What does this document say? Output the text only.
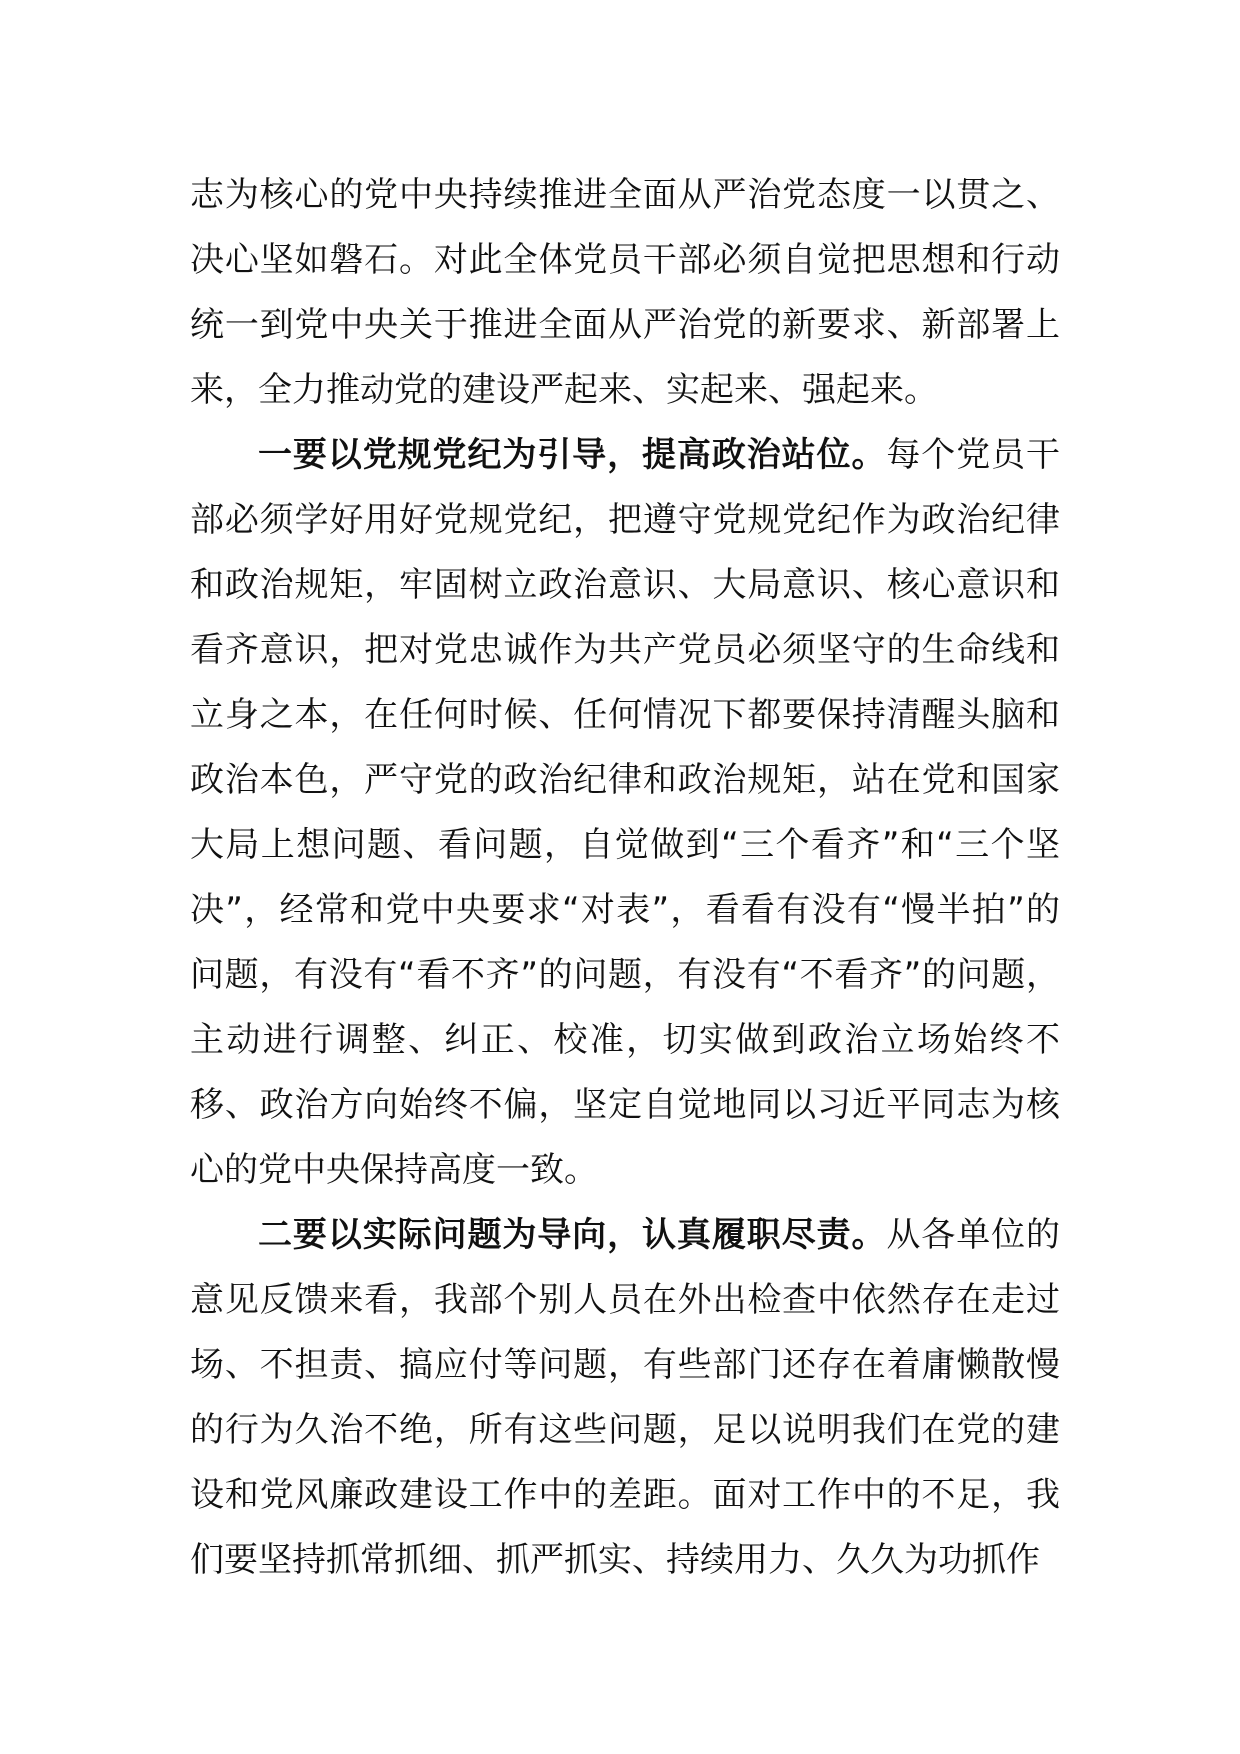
志为核心的党中央持续推进全面从严治党态度一以贯之、决心坚如磐石。对此全体党员干部必须自觉把思想和行动统一到党中央关于推进全面从严治党的新要求、新部署上来，全力推动党的建设严起来、实起来、强起来。

一要以党规党纪为引导，提高政治站位。每个党员干部必须学好用好党规党纪，把遵守党规党纪作为政治纪律和政治规矩，牢固树立政治意识、大局意识、核心意识和看齐意识，把对党忠诚作为共产党员必须坚守的生命线和立身之本，在任何时候、任何情况下都要保持清醒头脑和政治本色，严守党的政治纪律和政治规矩，站在党和国家大局上想问题、看问题，自觉做到“三个看齐”和“三个坚决”，经常和党中央要求“对表”，看看有没有“慢半拍”的问题，有没有“看不齐”的问题，有没有“不看齐”的问题，主动进行调整、纠正、校准，切实做到政治立场始终不移、政治方向始终不偏，坚定自觉地同以习近平同志为核心的党中央保持高度一致。

二要以实际问题为导向，认真履职尽责。从各单位的意见反馈来看，我部个别人员在外出检查中依然存在走过场、不担责、搞应付等问题，有些部门还存在着庸懒散慢的行为久治不绝，所有这些问题，足以说明我们在党的建设和党风廉政建设工作中的差距。面对工作中的不足，我们要坚持抓常抓细、抓严抓实、持续用力、久久为功抓作
